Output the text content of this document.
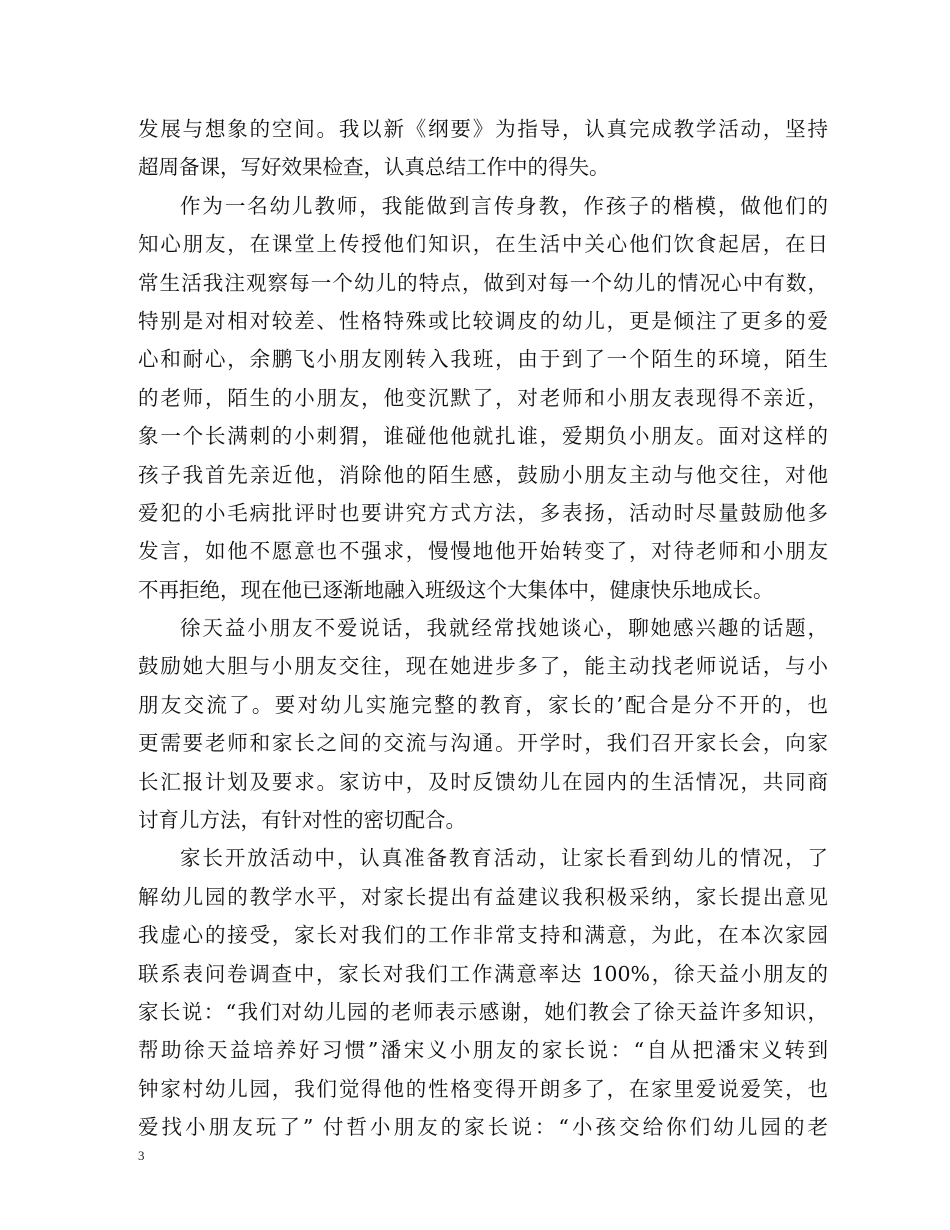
发展与想象的空间。我以新《纲要》为指导，认真完成教学活动，坚持
超周备课，写好效果检查，认真总结工作中的得失。
作为一名幼儿教师，我能做到言传身教，作孩子的楷模，做他们的
知心朋友，在课堂上传授他们知识，在生活中关心他们饮食起居，在日
常生活我注观察每一个幼儿的特点，做到对每一个幼儿的情况心中有数，
特别是对相对较差、性格特殊或比较调皮的幼儿，更是倾注了更多的爱
心和耐心，余鹏飞小朋友刚转入我班，由于到了一个陌生的环境，陌生
的老师，陌生的小朋友，他变沉默了，对老师和小朋友表现得不亲近，
象一个长满刺的小刺猬，谁碰他他就扎谁，爱期负小朋友。面对这样的
孩子我首先亲近他，消除他的陌生感，鼓励小朋友主动与他交往，对他
爱犯的小毛病批评时也要讲究方式方法，多表扬，活动时尽量鼓励他多
发言，如他不愿意也不强求，慢慢地他开始转变了，对待老师和小朋友
不再拒绝，现在他已逐渐地融入班级这个大集体中，健康快乐地成长。
徐天益小朋友不爱说话，我就经常找她谈心，聊她感兴趣的话题，
鼓励她大胆与小朋友交往，现在她进步多了，能主动找老师说话，与小
朋友交流了。要对幼儿实施完整的教育，家长的’配合是分不开的，也
更需要老师和家长之间的交流与沟通。开学时，我们召开家长会，向家
长汇报计划及要求。家访中，及时反馈幼儿在园内的生活情况，共同商
讨育儿方法，有针对性的密切配合。
家长开放活动中，认真准备教育活动，让家长看到幼儿的情况，了
解幼儿园的教学水平，对家长提出有益建议我积极采纳，家长提出意见
我虚心的接受，家长对我们的工作非常支持和满意，为此，在本次家园
联系表问卷调查中，家长对我们工作满意率达 100%，徐天益小朋友的
家长说：“我们对幼儿园的老师表示感谢，她们教会了徐天益许多知识，
帮助徐天益培养好习惯”潘宋义小朋友的家长说：“自从把潘宋义转到
钟家村幼儿园，我们觉得他的性格变得开朗多了，在家里爱说爱笑，也
爱找小朋友玩了” 付哲小朋友的家长说：“小孩交给你们幼儿园的老
3
